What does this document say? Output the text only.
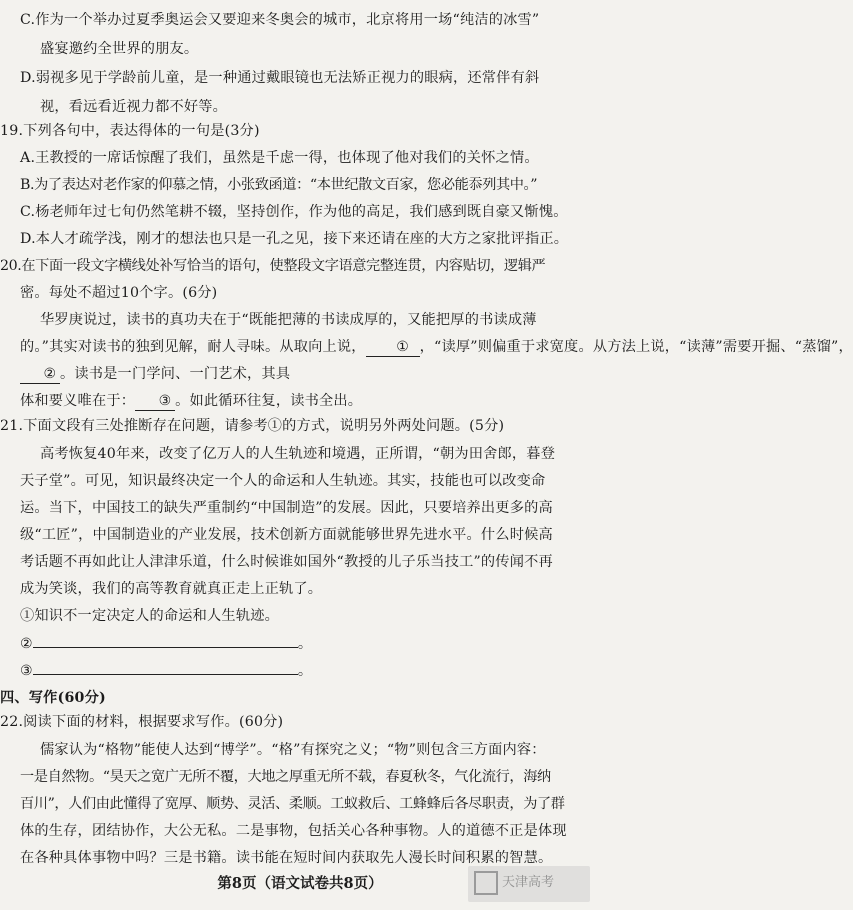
C.作为一个举办过夏季奥运会又要迎来冬奥会的城市，北京将用一场“纯洁的冰雪”

盛宴邀约全世界的朋友。

D.弱视多见于学龄前儿童，是一种通过戴眼镜也无法矫正视力的眼病，还常伴有斜

视，看远看近视力都不好等。

19.下列各句中，表达得体的一句是(3分)

A.王教授的一席话惊醒了我们，虽然是千虑一得，也体现了他对我们的关怀之情。

B.为了表达对老作家的仰慕之情，小张致函道：“本世纪散文百家，您必能忝列其中。”

C.杨老师年过七旬仍然笔耕不辍，坚持创作，作为他的高足，我们感到既自豪又惭愧。

D.本人才疏学浅，刚才的想法也只是一孔之见，接下来还请在座的大方之家批评指正。

20.在下面一段文字横线处补写恰当的语句，使整段文字语意完整连贯，内容贴切，逻辑严

密。每处不超过10个字。(6分)

华罗庚说过，读书的真功夫在于“既能把薄的书读成厚的，又能把厚的书读成薄

的。”其实对读书的独到见解，耐人寻味。从取向上说， ① ，“读厚”则偏重于求宽度。从方法上说，“读薄”需要开掘、“蒸馏”，

② 。读书是一门学问、一门艺术，其具

体和要义唯在于： ③ 。如此循环往复，读书全出。

21.下面文段有三处推断存在问题，请参考①的方式，说明另外两处问题。(5分)

高考恢复40年来，改变了亿万人的人生轨迹和境遇，正所谓，“朝为田舍郎，暮登

天子堂”。可见，知识最终决定一个人的命运和人生轨迹。其实，技能也可以改变命

运。当下，中国技工的缺失严重制约“中国制造”的发展。因此，只要培养出更多的高

级“工匠”，中国制造业的产业发展，技术创新方面就能够世界先进水平。什么时候高

考话题不再如此让人津津乐道，什么时候谁如国外“教授的儿子乐当技工”的传闻不再

成为笑谈，我们的高等教育就真正走上正轨了。

①知识不一定决定人的命运和人生轨迹。

②	。

③	。

四、写作(60分)

22.阅读下面的材料，根据要求写作。(60分)

儒家认为“格物”能使人达到“博学”。“格”有探究之义；“物”则包含三方面内容：

一是自然物。“昊天之宽广无所不覆，大地之厚重无所不载，春夏秋冬，气化流行，海纳

百川”，人们由此懂得了宽厚、顺势、灵活、柔顺。工蚁救后、工蜂蜂后各尽职责，为了群

体的生存，团结协作，大公无私。二是事物，包括关心各种事物。人的道德不正是体现

在各种具体事物中吗？三是书籍。读书能在短时间内获取先人漫长时间积累的智慧。

第8页（语文试卷共8页）	天津高考
